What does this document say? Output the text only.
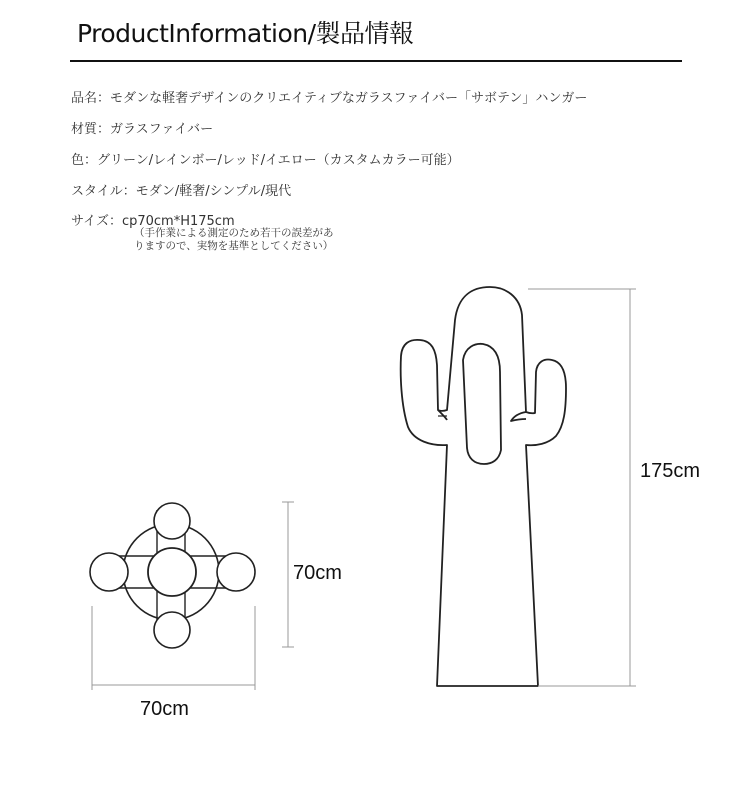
ProductInformation/製品情報
品名：モダンな軽奢デザインのクリエイティブなガラスファイバー「サボテン」ハンガー
材質：ガラスファイバー
色：グリーン/レインボー/レッド/イエロー（カスタムカラー可能）
スタイル：モダン/軽奢/シンプル/現代
サイズ：cp70cm*H175cm
（手作業による測定のため若干の誤差があ
りますので、実物を基準としてください）
70cm
70cm
175cm
